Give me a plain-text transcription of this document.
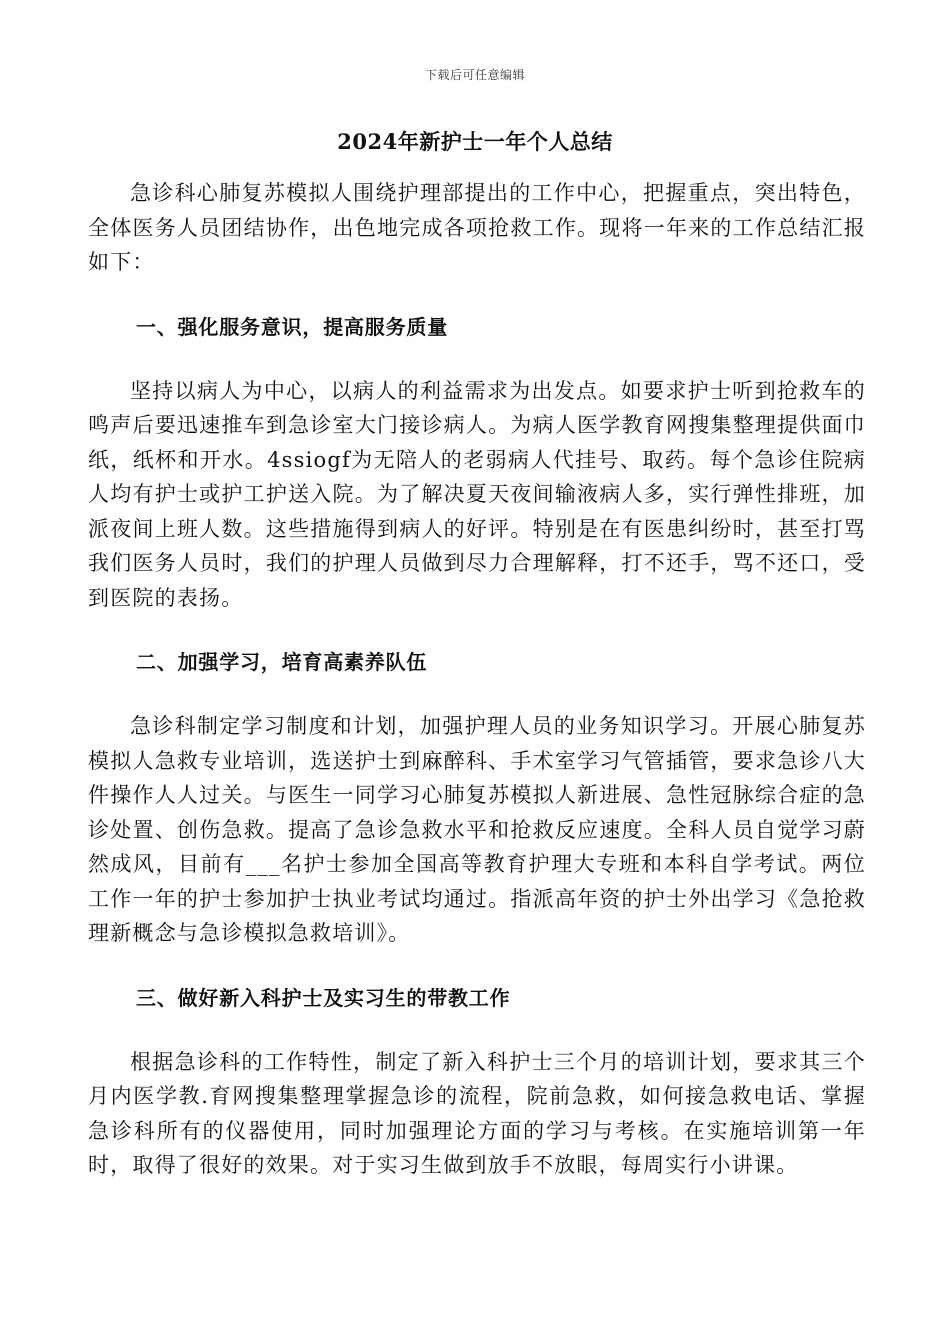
下载后可任意编辑
2024年新护士一年个人总结

急诊科心肺复苏模拟人围绕护理部提出的工作中心，把握重点，突出特色，全体医务人员团结协作，出色地完成各项抢救工作。现将一年来的工作总结汇报如下：

一、强化服务意识，提高服务质量

坚持以病人为中心，以病人的利益需求为出发点。如要求护士听到抢救车的鸣声后要迅速推车到急诊室大门接诊病人。为病人医学教育网搜集整理提供面巾纸，纸杯和开水。4ssiogf为无陪人的老弱病人代挂号、取药。每个急诊住院病人均有护士或护工护送入院。为了解决夏天夜间输液病人多，实行弹性排班，加派夜间上班人数。这些措施得到病人的好评。特别是在有医患纠纷时，甚至打骂我们医务人员时，我们的护理人员做到尽力合理解释，打不还手，骂不还口，受到医院的表扬。

二、加强学习，培育高素养队伍

急诊科制定学习制度和计划，加强护理人员的业务知识学习。开展心肺复苏模拟人急救专业培训，选送护士到麻醉科、手术室学习气管插管，要求急诊八大件操作人人过关。与医生一同学习心肺复苏模拟人新进展、急性冠脉综合症的急诊处置、创伤急救。提高了急诊急救水平和抢救反应速度。全科人员自觉学习蔚然成风，目前有___名护士参加全国高等教育护理大专班和本科自学考试。两位工作一年的护士参加护士执业考试均通过。指派高年资的护士外出学习《急抢救理新概念与急诊模拟急救培训》。

三、做好新入科护士及实习生的带教工作

根据急诊科的工作特性，制定了新入科护士三个月的培训计划，要求其三个月内医学教.育网搜集整理掌握急诊的流程，院前急救，如何接急救电话、掌握急诊科所有的仪器使用，同时加强理论方面的学习与考核。在实施培训第一年时，取得了很好的效果。对于实习生做到放手不放眼，每周实行小讲课。
